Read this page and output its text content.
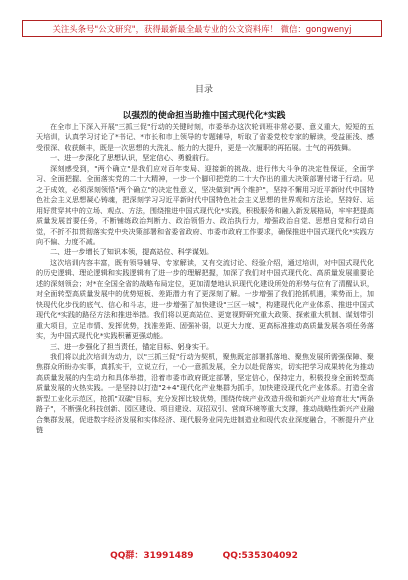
关注头条号"公文研究"，获得最新最全最专业的公文资料库！ 微信：gongwenyj
目录
以强烈的使命担当助推中国式现代化*实践

在全市上下深入开展"三抓三促"行动的关键时刻，市委举办这次轮训班非常必要、意义重大，短短的五天培训，认真学习讨论了*书记、*市长和市上领导的专题辅导，听取了省委党校专家的解读，受益匪浅、感受很深、收获颇丰，既是一次思想的大洗礼、能力的大提升，更是一次履职的再拓展。士气的再鼓舞。

一、进一步深化了思想认识，坚定信心、勇毅前行。

深刻感受到，"两个确立"是我们应对百年变局、迎接新的挑战、进行伟大斗争的决定性保证，全面学习、全面把握、全面落实党的二十大精神，一步一个脚印把党的二十大作出的重大决策部署付诸于行动。见之于成效，必须深刻领悟"两个确立"的决定性意义，坚决做到"两个维护"，坚持不懈用习近平新时代中国特色社会主义思想凝心铸魂，把深刻学习习近平新时代中国特色社会主义思想的世界观和方法论，坚持好、运用好贯穿其中的立场、观点、方法，围绕推进中国式现代化*实践，积极服务和融入新发展格局，牢牢把提高质量发展首要任务，不断铺练政治判断力、政治领悟力、政治执行力，增强政治自觉、思想自觉和行动自觉，不折不扣贯彻落实党中央决策部署和省委省政府、市委市政府工作要求，确保推进中国式现代化*实践方向不偏、力度不减。

二、进一步增长了知识本领，提高站位、科学谋划。

这次培训内容丰富，既有领导辅导、专家解读，又有交流讨论、经验介绍，通过培训，对中国式现代化的历史逻辑、理论逻辑和实践逻辑有了进一步的理解把握，加深了我们对中国式现代化、高质量发展重要论述的深刻领会；对*在全国全省的战略布局定位，更加清楚地认识现代化建设所处的形势与位有了清醒认识，对全面转型高质量发展中的优势短板、差距潜力有了更深刻了解。一步增强了我们抢抓机遇，乘势而上，加快现代化步伐的底气、信心和斗志，进一步增强了加快建设"三区一城"，构建现代化产业体系、推进中国式现代化*实践的路径方法和推进举措。我们将以更高站位、更宽视野研究重大政策、探索重大机制、谋划带引重大项目，立足市情、发挥优势，找准差距、固强补弱，以更大力度、更高标准推动高质量发展各项任务落实，为中国式现代化*实践积蓄更强动能。

三、进一步强化了担当责任，锚定目标、躬身实干。

我们将以此次培训为动力，以"三抓三促"行动为契机，聚焦既定部署抓落地、聚焦发展所需强保障、聚焦群众所盼办实事，真抓实干，立说立行，一心一意抓发展，全力以赴促落实，切实把学习成果转化为推动高质量发展的内生动力和具体举措，沿着市委市政府既定部署，坚定信心，保持定力，积极投身全面转型高质量发展的火热实践。一是坚持以打造"2+4"现代化产业集群为抓手，加快建设现代化产业体系。打造全省新型工业化示范区，抢抓"双碳"目标，充分发挥比较优势，围绕传统产业改造升级和新兴产业培育壮大"两条路子"，不断强化科技创新、园区建设、项目建设、双招双引、营商环境等重大支撑，推动战略性新兴产业融合集群发展，促进数字经济发展和实体经济、现代服务业同先进制造业和现代农业深度融合，不断提升产业链

QQ群：31991489	QQ:535304092
